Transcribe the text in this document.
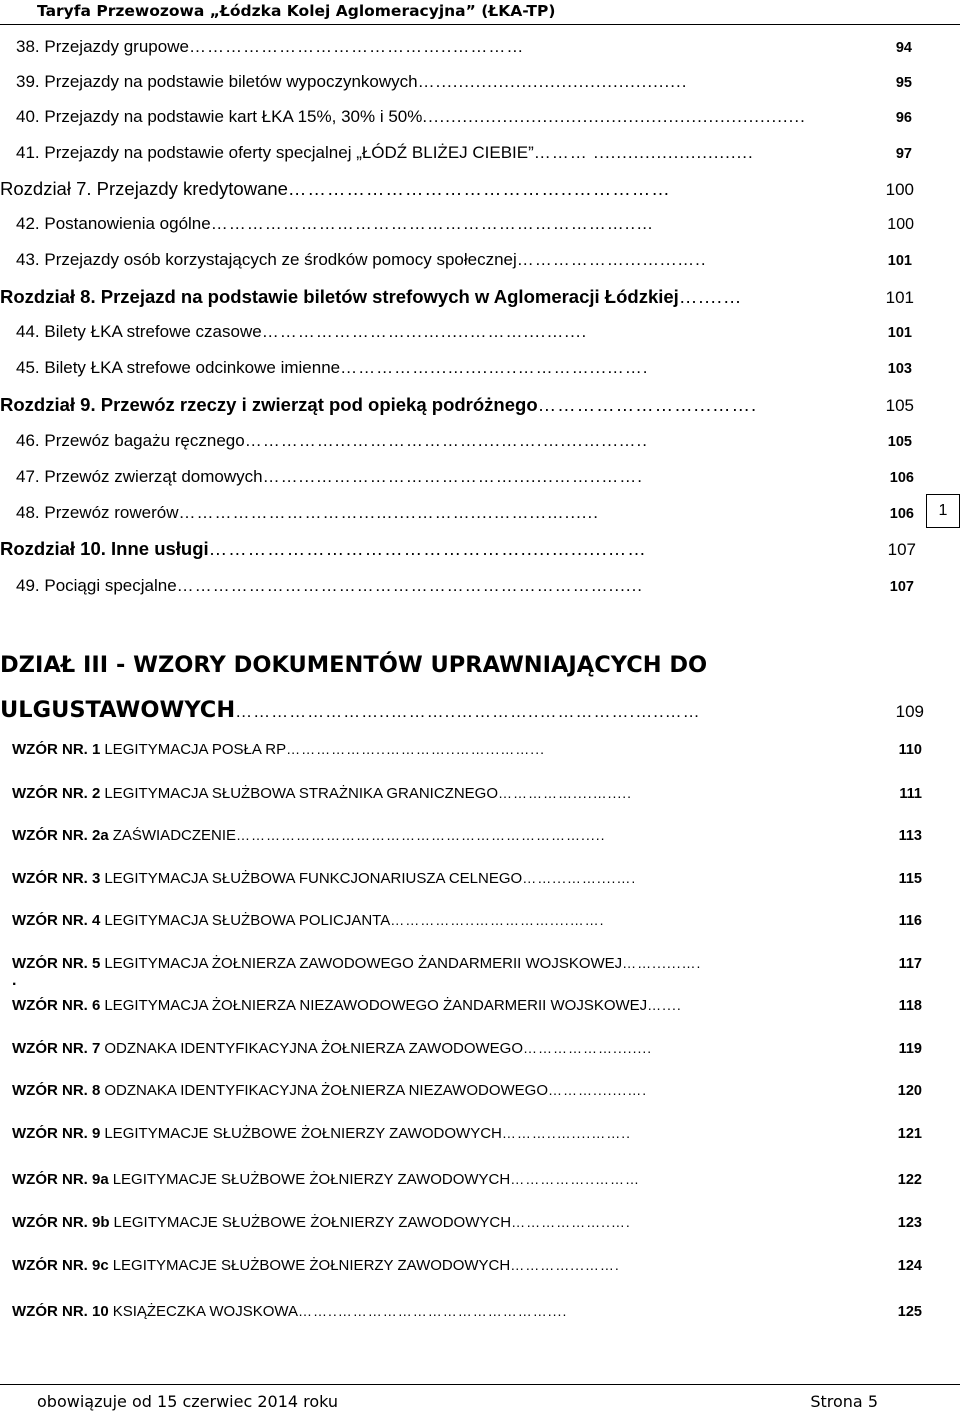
Taryfa Przewozowa „Łódzka Kolej Aglomeracyjna” (ŁKA-TP)
38. Przejazdy grupowe ……………………………………..…………	94
39. Przejazdy na podstawie biletów wypoczynkowych …............................................	95
40. Przejazdy na podstawie kart ŁKA 15%, 30% i 50% ...................................................................	96
41. Przejazdy na podstawie oferty specjalnej „ŁÓDŹ BLIŻEJ CIEBIE” ……… ............................	97
Rozdział 7. Przejazdy kredytowane ……………………………………..……………	100
42. Postanowienia ogólne ……………………………………………………………..…	100
43. Przejazdy osób korzystających ze środków pomocy społecznej ………………...…...…..	101
Rozdział 8. Przejazd na podstawie biletów strefowych w Aglomeracji Łódzkiej …....…	101
44. Bilety ŁKA strefowe czasowe ……………………...….....………....…....	101
45. Bilety ŁKA strefowe odcinkowe imienne ……………...…....…..…………...…….	103
Rozdział 9. Przewóz rzeczy i zwierząt pod opieką podróżnego ……………………...…….	105
46. Przewóz bagażu ręcznego ……………...…………………....…….…....…...…..	105
47. Przewóz zwierząt domowych ……...…………………………….......……..…….	106
48. Przewóz rowerów …………………………...…....………....……...…......	106
Rozdział 10. Inne usługi ………………………………………….....…......……	107
49. Pociągi specjalne ………………………………………………………………......	107
DZIAŁ III - WZORY DOKUMENTÓW UPRAWNIAJĄCYCH DO
ULGUSTAWOWYCH ……………………..………..…………..…………….…..……	109
WZÓR NR. 1 LEGITYMACJA POSŁA RP ………………..…………..……...……...	110
WZÓR NR. 2 LEGITYMACJA SŁUŻBOWA STRAŻNIKA GRANICZNEGO ……………....….....	111
WZÓR NR. 2a ZAŚWIADCZENIE …………………………………………………………….....	113
WZÓR NR. 3 LEGITYMACJA SŁUŻBOWA FUNKCJONARIUSZA CELNEGO ……...……....….	115
WZÓR NR. 4 LEGITYMACJA SŁUŻBOWA POLICJANTA ……………..……………....…….	116
WZÓR NR. 5 LEGITYMACJA ŻOŁNIERZA ZAWODOWEGO ŻANDARMERII WOJSKOWEJ ……......….	117
.
WZÓR NR. 6 LEGITYMACJA ŻOŁNIERZA NIEZAWODOWEGO ŻANDARMERII WOJSKOWEJ …....	118
WZÓR NR. 7 ODZNAKA IDENTYFIKACYJNA ŻOŁNIERZA ZAWODOWEGO ………………........	119
WZÓR NR. 8 ODZNAKA IDENTYFIKACYJNA ŻOŁNIERZA NIEZAWODOWEGO ……….......….	120
WZÓR NR. 9 LEGITYMACJE SŁUŻBOWE ŻOŁNIERZY ZAWODOWYCH ………..…....……..	121
WZÓR NR. 9a LEGITYMACJE SŁUŻBOWE ŻOŁNIERZY ZAWODOWYCH ……………..………	122
WZÓR NR. 9b LEGITYMACJE SŁUŻBOWE ŻOŁNIERZY ZAWODOWYCH ………………..….	123
WZÓR NR. 9c LEGITYMACJE SŁUŻBOWE ŻOŁNIERZY ZAWODOWYCH …………...…….	124
WZÓR NR. 10 KSIĄŻECZKA WOJSKOWA ……..……………………………………....	125
1
obowiązuje od 15 czerwiec 2014 roku	Strona 5
